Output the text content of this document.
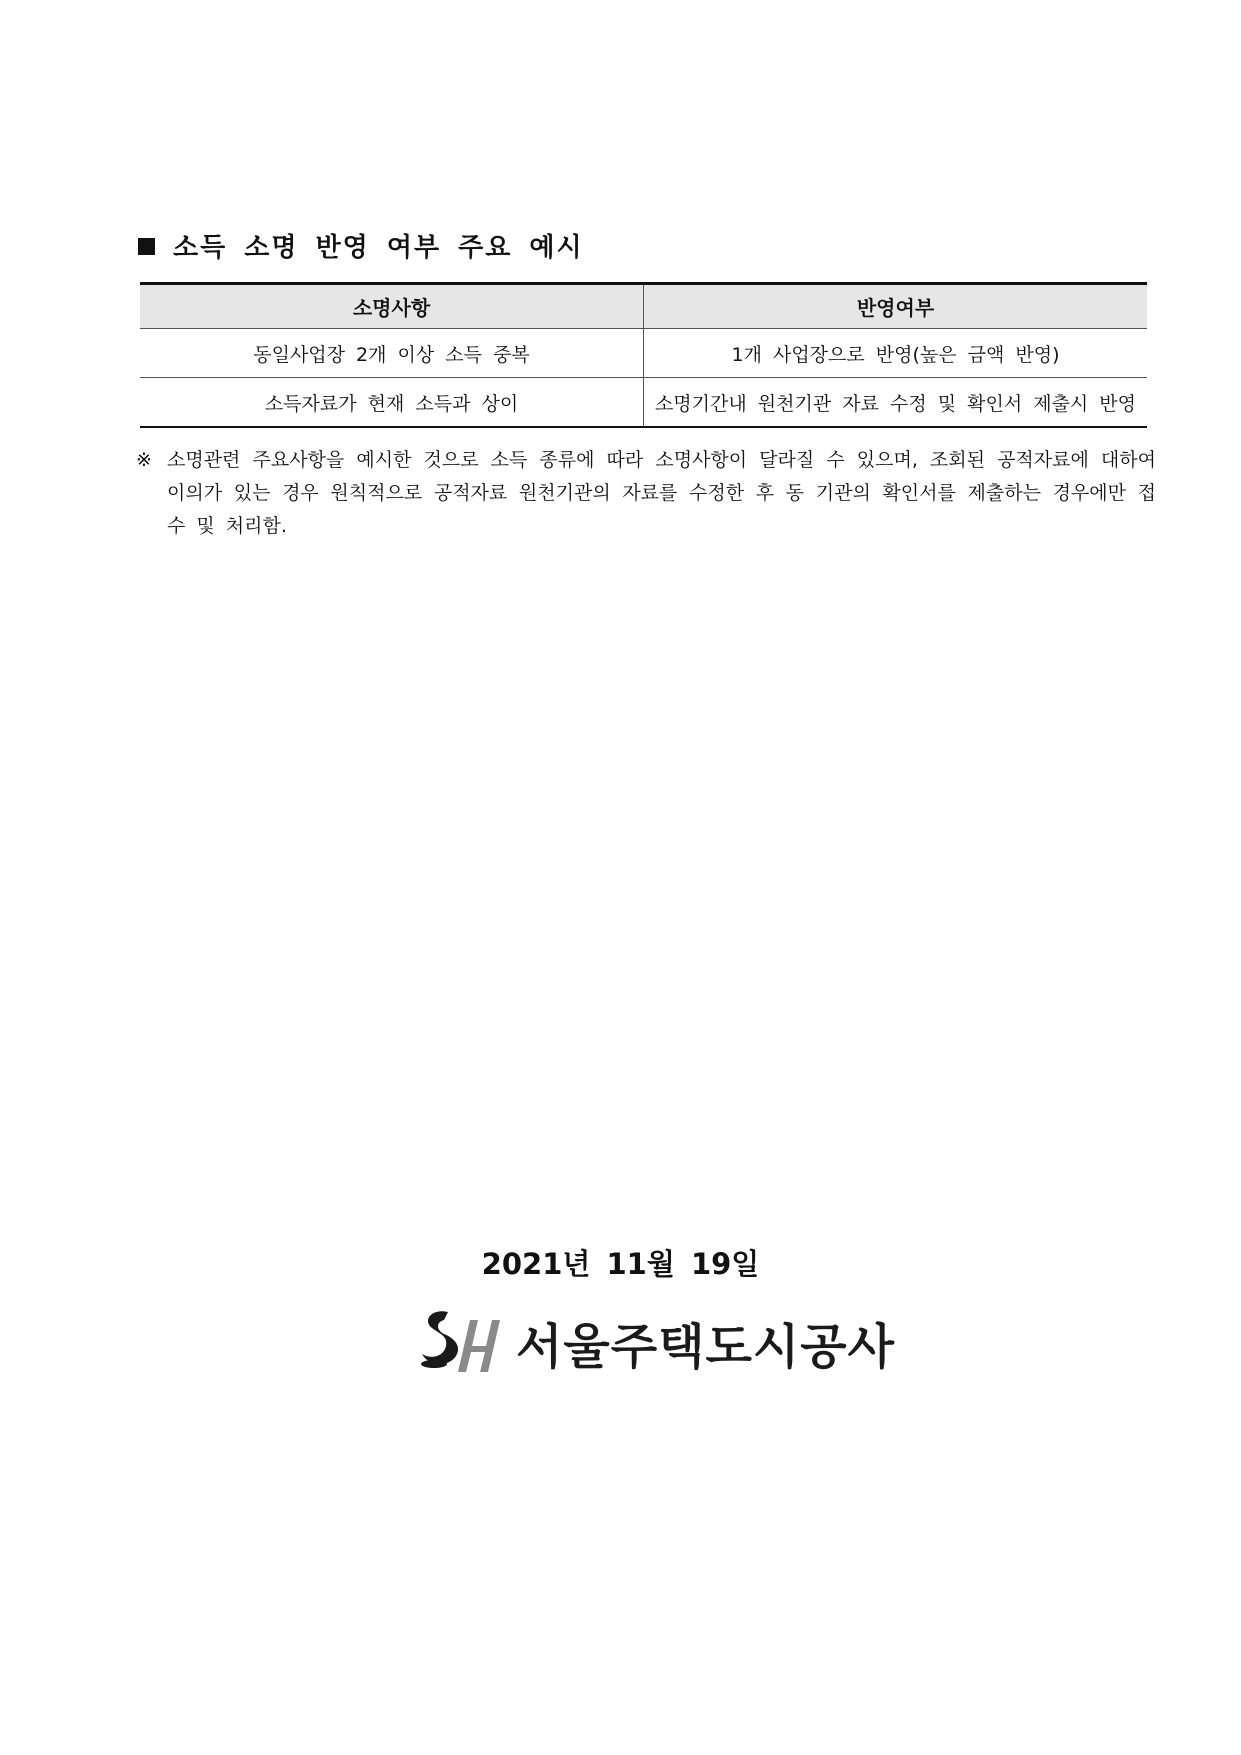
소득 소명 반영 여부 주요 예시
소명사항	반영여부
동일사업장 2개 이상 소득 중복	1개 사업장으로 반영(높은 금액 반영)
소득자료가 현재 소득과 상이	소명기간내 원천기관 자료 수정 및 확인서 제출시 반영

※ 소명관련 주요사항을 예시한 것으로 소득 종류에 따라 소명사항이 달라질 수 있으며, 조회된 공적자료에 대하여 이의가 있는 경우 원칙적으로 공적자료 원천기관의 자료를 수정한 후 동 기관의 확인서를 제출하는 경우에만 접수 및 처리함.

2021년 11월 19일
서울주택도시공사
